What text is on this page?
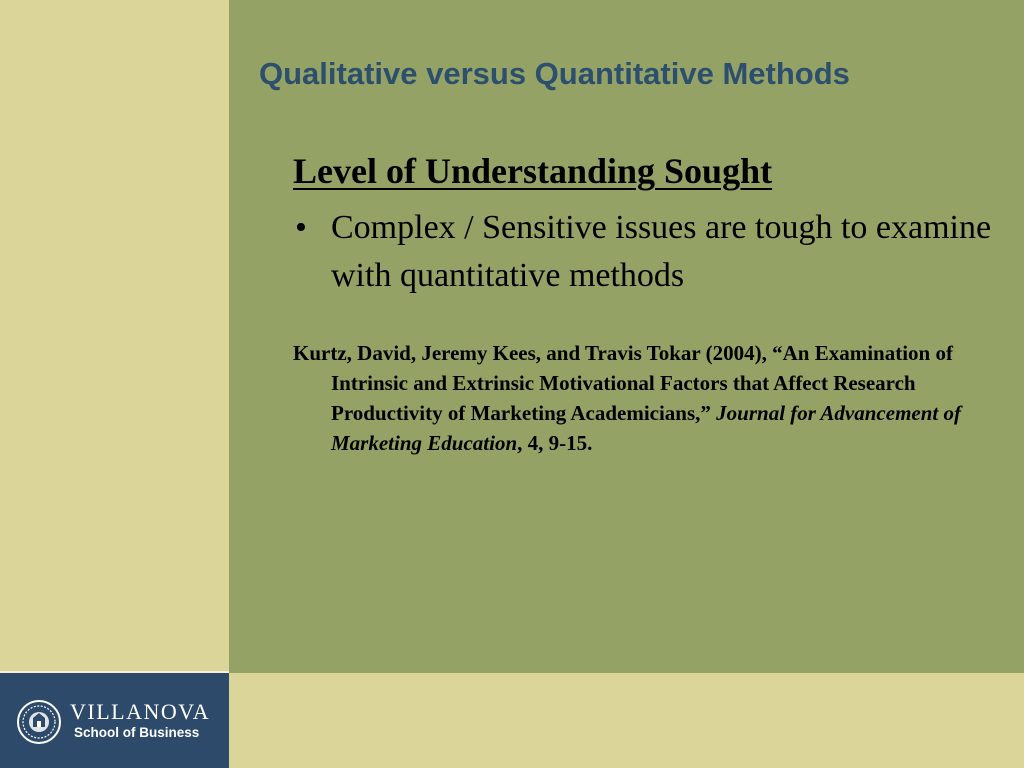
VILLANOVA
School of Business
Qualitative versus Quantitative Methods
Level of Understanding Sought
• Complex / Sensitive issues are tough to examine with quantitative methods

Kurtz, David, Jeremy Kees, and Travis Tokar (2004), “An Examination of Intrinsic and Extrinsic Motivational Factors that Affect Research Productivity of Marketing Academicians,” Journal for Advancement of Marketing Education, 4, 9-15.
